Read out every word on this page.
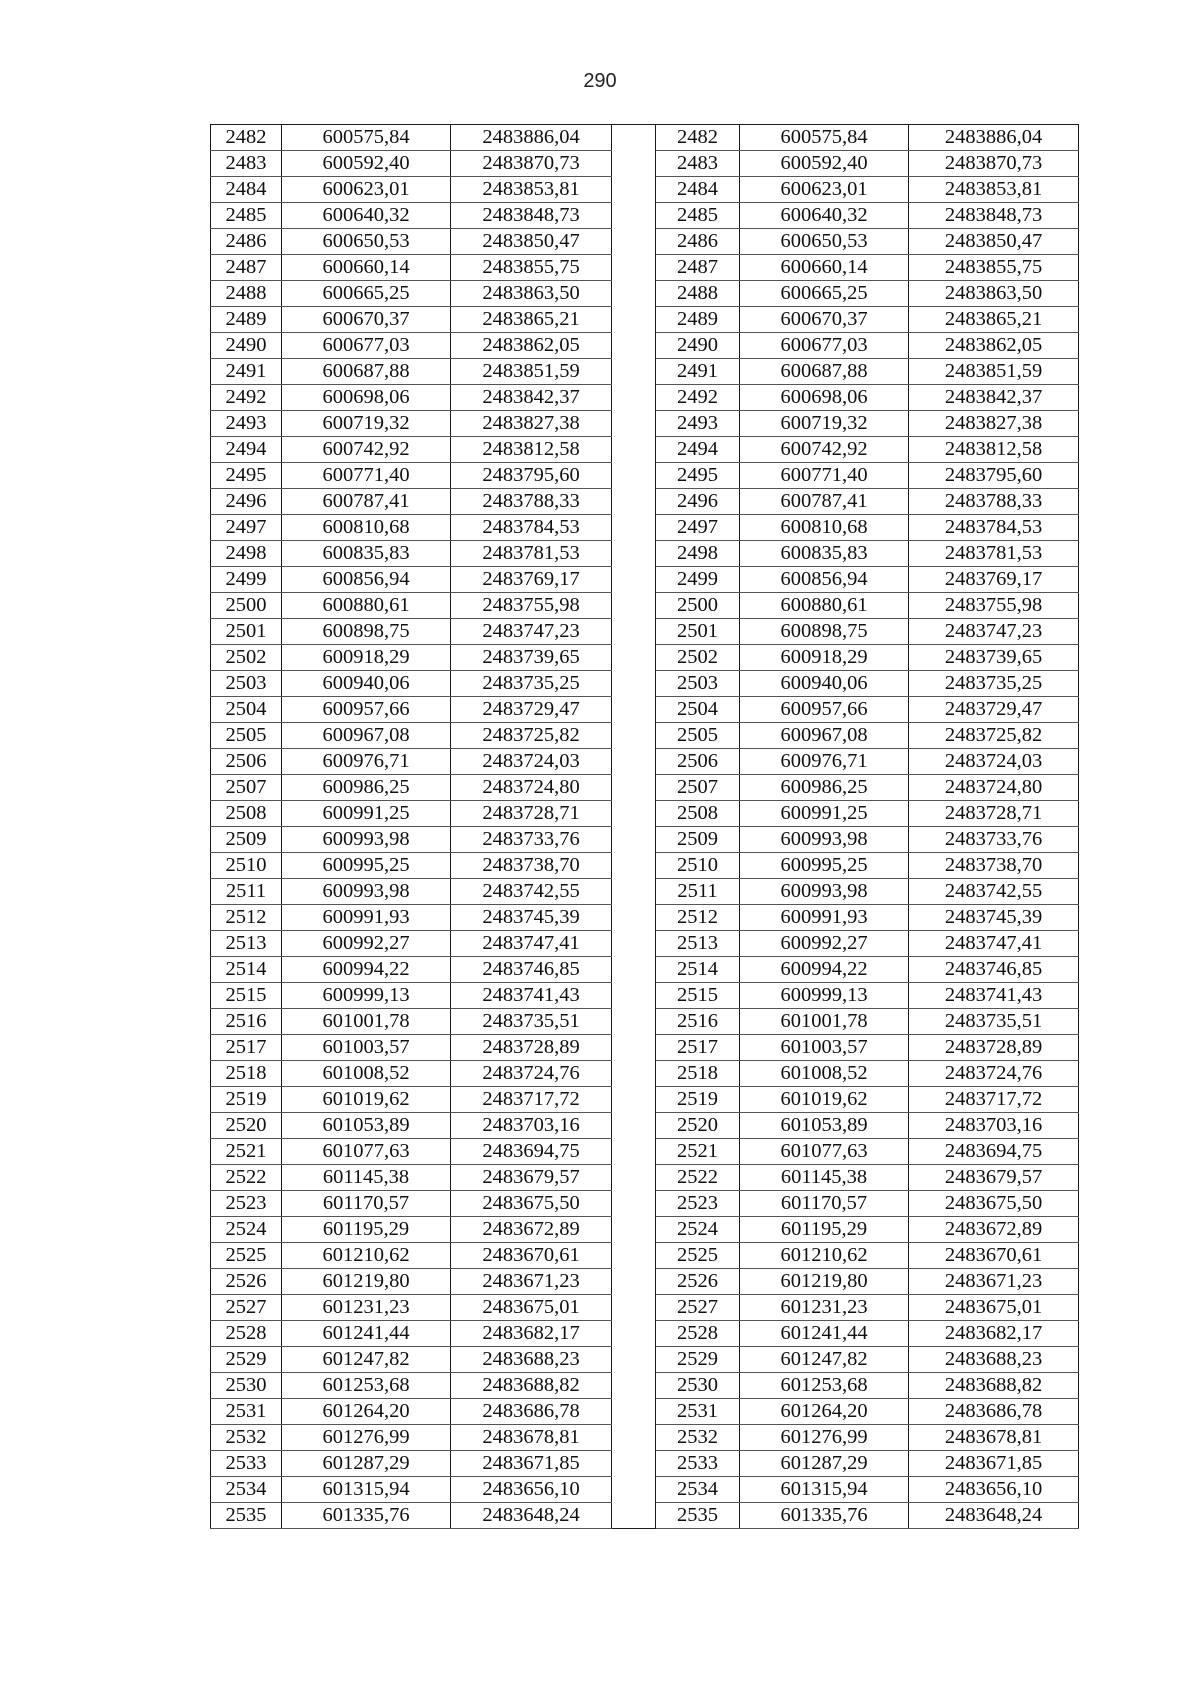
290
2482	600575,84	2483886,04		2482	600575,84	2483886,04
2483	600592,40	2483870,73		2483	600592,40	2483870,73
2484	600623,01	2483853,81		2484	600623,01	2483853,81
2485	600640,32	2483848,73		2485	600640,32	2483848,73
2486	600650,53	2483850,47		2486	600650,53	2483850,47
2487	600660,14	2483855,75		2487	600660,14	2483855,75
2488	600665,25	2483863,50		2488	600665,25	2483863,50
2489	600670,37	2483865,21		2489	600670,37	2483865,21
2490	600677,03	2483862,05		2490	600677,03	2483862,05
2491	600687,88	2483851,59		2491	600687,88	2483851,59
2492	600698,06	2483842,37		2492	600698,06	2483842,37
2493	600719,32	2483827,38		2493	600719,32	2483827,38
2494	600742,92	2483812,58		2494	600742,92	2483812,58
2495	600771,40	2483795,60		2495	600771,40	2483795,60
2496	600787,41	2483788,33		2496	600787,41	2483788,33
2497	600810,68	2483784,53		2497	600810,68	2483784,53
2498	600835,83	2483781,53		2498	600835,83	2483781,53
2499	600856,94	2483769,17		2499	600856,94	2483769,17
2500	600880,61	2483755,98		2500	600880,61	2483755,98
2501	600898,75	2483747,23		2501	600898,75	2483747,23
2502	600918,29	2483739,65		2502	600918,29	2483739,65
2503	600940,06	2483735,25		2503	600940,06	2483735,25
2504	600957,66	2483729,47		2504	600957,66	2483729,47
2505	600967,08	2483725,82		2505	600967,08	2483725,82
2506	600976,71	2483724,03		2506	600976,71	2483724,03
2507	600986,25	2483724,80		2507	600986,25	2483724,80
2508	600991,25	2483728,71		2508	600991,25	2483728,71
2509	600993,98	2483733,76		2509	600993,98	2483733,76
2510	600995,25	2483738,70		2510	600995,25	2483738,70
2511	600993,98	2483742,55		2511	600993,98	2483742,55
2512	600991,93	2483745,39		2512	600991,93	2483745,39
2513	600992,27	2483747,41		2513	600992,27	2483747,41
2514	600994,22	2483746,85		2514	600994,22	2483746,85
2515	600999,13	2483741,43		2515	600999,13	2483741,43
2516	601001,78	2483735,51		2516	601001,78	2483735,51
2517	601003,57	2483728,89		2517	601003,57	2483728,89
2518	601008,52	2483724,76		2518	601008,52	2483724,76
2519	601019,62	2483717,72		2519	601019,62	2483717,72
2520	601053,89	2483703,16		2520	601053,89	2483703,16
2521	601077,63	2483694,75		2521	601077,63	2483694,75
2522	601145,38	2483679,57		2522	601145,38	2483679,57
2523	601170,57	2483675,50		2523	601170,57	2483675,50
2524	601195,29	2483672,89		2524	601195,29	2483672,89
2525	601210,62	2483670,61		2525	601210,62	2483670,61
2526	601219,80	2483671,23		2526	601219,80	2483671,23
2527	601231,23	2483675,01		2527	601231,23	2483675,01
2528	601241,44	2483682,17		2528	601241,44	2483682,17
2529	601247,82	2483688,23		2529	601247,82	2483688,23
2530	601253,68	2483688,82		2530	601253,68	2483688,82
2531	601264,20	2483686,78		2531	601264,20	2483686,78
2532	601276,99	2483678,81		2532	601276,99	2483678,81
2533	601287,29	2483671,85		2533	601287,29	2483671,85
2534	601315,94	2483656,10		2534	601315,94	2483656,10
2535	601335,76	2483648,24		2535	601335,76	2483648,24
